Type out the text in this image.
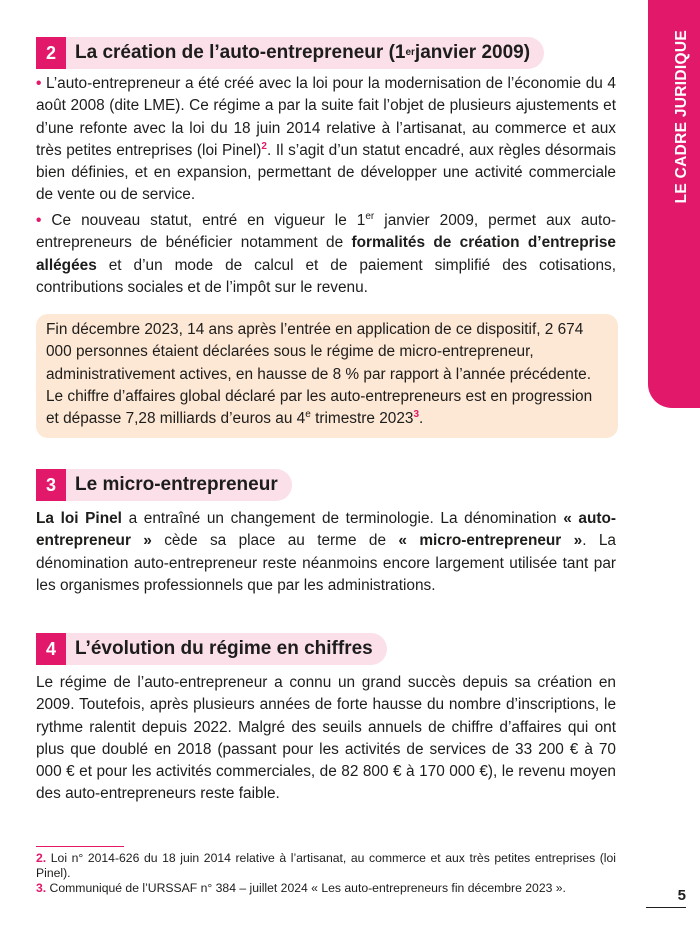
LE CADRE JURIDIQUE
2	La création de l’auto-entrepreneur (1 er janvier 2009)

• L’auto-entrepreneur a été créé avec la loi pour la modernisation de l’économie du 4 août 2008 (dite LME). Ce régime a par la suite fait l’objet de plusieurs ajustements et d’une refonte avec la loi du 18 juin 2014 relative à l’artisanat, au commerce et aux très petites entreprises (loi Pinel)$^2$. Il s’agit d’un statut encadré, aux règles désormais bien définies, et en expansion, permettant de développer une activité commerciale de vente ou de service.

• Ce nouveau statut, entré en vigueur le 1er janvier 2009, permet aux auto-entrepreneurs de bénéficier notamment de formalités de création d’entreprise allégées et d’un mode de calcul et de paiement simplifié des cotisations, contributions sociales et de l’impôt sur le revenu.

Fin décembre 2023, 14 ans après l’entrée en application de ce dispositif, 2 674 000 personnes étaient déclarées sous le régime de micro-entrepreneur, administrativement actives, en hausse de 8 % par rapport à l’année précédente. Le chiffre d’affaires global déclaré par les auto-entrepreneurs est en progression et dépasse 7,28 milliards d’euros au 4e trimestre 2023$^3$.

3	Le micro-entrepreneur

La loi Pinel a entraîné un changement de terminologie. La dénomination « auto-entrepreneur » cède sa place au terme de « micro-entrepreneur ». La dénomination auto-entrepreneur reste néanmoins encore largement utilisée tant par les organismes professionnels que par les administrations.

4	L’évolution du régime en chiffres

Le régime de l’auto-entrepreneur a connu un grand succès depuis sa création en 2009. Toutefois, après plusieurs années de forte hausse du nombre d’inscriptions, le rythme ralentit depuis 2022. Malgré des seuils annuels de chiffre d’affaires qui ont plus que doublé en 2018 (passant pour les activités de services de 33 200 € à 70 000 € et pour les activités commerciales, de 82 800 € à 170 000 €), le revenu moyen des auto-entrepreneurs reste faible.

2. Loi n° 2014-626 du 18 juin 2014 relative à l’artisanat, au commerce et aux très petites entreprises (loi Pinel).

3. Communiqué de l’URSSAF n° 384 – juillet 2024 « Les auto-entrepreneurs fin décembre 2023 ».	5
